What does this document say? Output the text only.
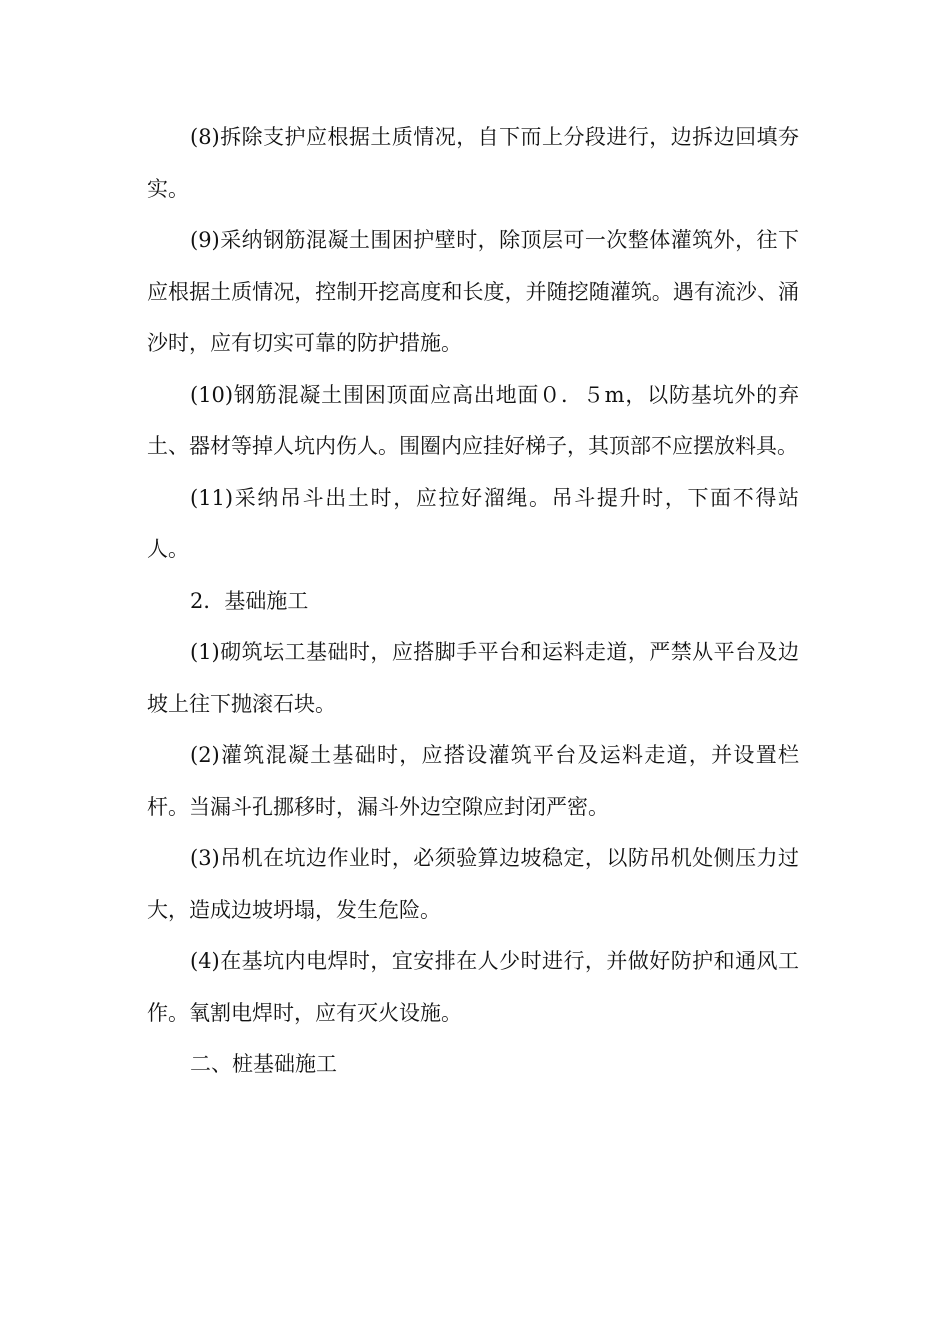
(8)拆除支护应根据土质情况，自下而上分段进行，边拆边回填夯实。

(9)采纳钢筋混凝土围困护壁时，除顶层可一次整体灌筑外，往下应根据土质情况，控制开挖高度和长度，并随挖随灌筑。遇有流沙、涌沙时，应有切实可靠的防护措施。

(10)钢筋混凝土围困顶面应高出地面０．５m，以防基坑外的弃土、器材等掉人坑内伤人。围圈内应挂好梯子，其顶部不应摆放料具。

(11)采纳吊斗出土时，应拉好溜绳。吊斗提升时，下面不得站人。

2．基础施工

(1)砌筑坛工基础时，应搭脚手平台和运料走道，严禁从平台及边坡上往下抛滚石块。

(2)灌筑混凝土基础时，应搭设灌筑平台及运料走道，并设置栏杆。当漏斗孔挪移时，漏斗外边空隙应封闭严密。

(3)吊机在坑边作业时，必须验算边坡稳定，以防吊机处侧压力过大，造成边坡坍塌，发生危险。

(4)在基坑内电焊时，宜安排在人少时进行，并做好防护和通风工作。氧割电焊时，应有灭火设施。

二、桩基础施工
